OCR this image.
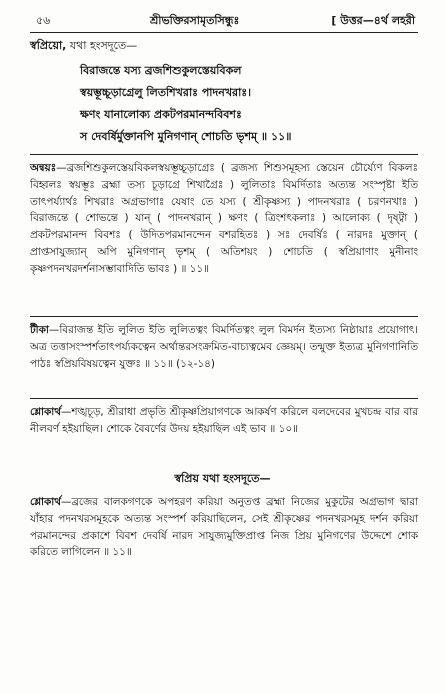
৫৬	শ্রীভক্তিরসামৃতসিন্ধুঃ	[ উত্তর—৪র্থ লহরী
স্বপ্রিয়ো, যথা হংসদূতে—
বিরাজন্তে যস্য ব্রজশিশুকুলস্তেয়বিকল
স্বয়ম্ভূচ্চূড়াগ্রেলু লিতশিখরাঃ পাদনখরাঃ।
ক্ষণং যানালোক্য প্রকটপরমানন্দবিবশঃ
স দেবর্ষির্মুক্তানপি মুনিগণান্ শোচতি ভৃশম্ ॥ ১১॥
অন্বয়ঃ—ব্রজশিশুকুলস্তেয়বিকলস্বয়ম্ভূচ্চূড়াগ্রেঃ ( ব্রজস্য শিশুসমূহস্য স্তেয়েন চৌর্য্যেণ বিকলঃ বিহ্বলঃ স্বয়ম্ভূঃ ব্রহ্মা তস্য চূড়াগ্রে শিখাগ্রৈঃ ) লুলিতাঃ বিমর্দিতাঃ অত্যন্ত সংস্পৃষ্টা ইতি তাৎপর্য্যার্থঃ শিখরাঃ অগ্রভাগাঃ যেষাং তে যস্য ( শ্রীকৃষ্ণস্য ) পাদনখরাঃ ( চরণনখাঃ ) বিরাজন্তে ( শোভন্তে ) যান্ ( পাদনখরান্ ) ক্ষণং ( ত্রিংশৎকলাঃ ) আলোক্য ( দৃষ্ট্বা ) প্রকটপরমানন্দ বিবশঃ ( উদিতপরমানন্দেন বশরহিতঃ ) সঃ দেবর্ষিঃ ( নারদঃ মুক্তান্ ( প্রাপ্তসাযুজ্যান্ অপি মুনিগণান্ ভৃশম্ ( অতিশয়ং ) শোচতি ( স্বপ্রিয়াণাং মুনীনাং কৃষ্ণপদনখরদর্শনাসম্ভাবাদিতি ভাবঃ ) ॥ ১১॥
টীকা—বিরাজন্ত ইতি লুলিত ইতি লুলিতত্বং বিমর্দিতত্বং লুল বিমর্দন ইত্যস্য নিষ্ঠায়াঃ প্রয়োগাৎ। অত্র তত্তাসংস্পর্শতাৎপর্য্যকত্বেন অর্থান্তরসংক্রমিত-বাচ্যত্বমেব জ্ঞেয়ম্। তন্মুক্ত ইত্যত্র মুনিগণানিতি পাঠঃ স্বপ্রিয়বিষয়ত্বেন যুক্তঃ ॥ ১১॥ (১২-১৪)
শ্লোকার্থ—শঙ্খচূড়, শ্রীরাধা প্রভৃতি শ্রীকৃষ্ণপ্রিয়াগণকে আকর্ষণ করিলে বলদেবের মুখচন্দ্র বার বার নীলবর্ণ হইয়াছিল। শোকে বৈবর্ণের উদয় হইয়াছিল এই ভাব ॥ ১০॥
স্বপ্রিয় যথা হংসদূতে—
শ্লোকার্থ—ব্রজের বালকগণকে অপহরণ করিয়া অনুতপ্ত ব্রহ্মা নিজের মুকুটের অগ্রভাগ দ্বারা যাঁহার পদনখরসমূহকে অত্যন্ত সংস্পর্শ করিয়াছিলেন, সেই শ্রীকৃষ্ণের পদনখরসমূহ দর্শন করিয়া পরমানন্দের প্রকাশে বিবশ দেবর্ষি নারদ সাযুজ্যমুক্তিপ্রাপ্ত নিজ প্রিয় মুনিগণের উদ্দেশে শোক করিতে লাগিলেন ॥ ১১॥
